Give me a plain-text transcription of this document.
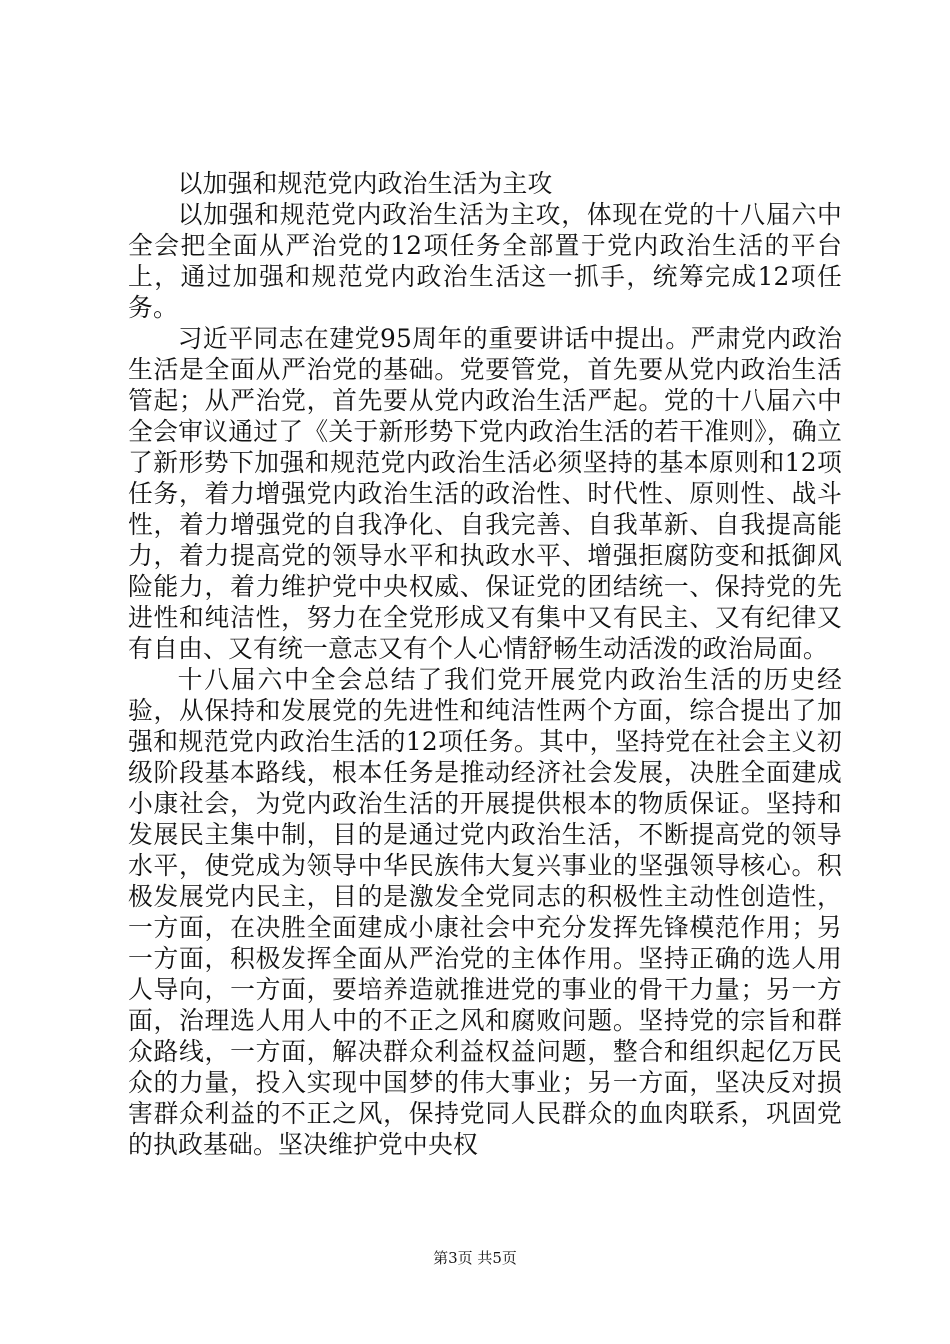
以加强和规范党内政治生活为主攻

以加强和规范党内政治生活为主攻，体现在党的十八届六中全会把全面从严治党的12项任务全部置于党内政治生活的平台上，通过加强和规范党内政治生活这一抓手，统筹完成12项任务。

习近平同志在建党95周年的重要讲话中提出。严肃党内政治生活是全面从严治党的基础。党要管党，首先要从党内政治生活管起；从严治党，首先要从党内政治生活严起。党的十八届六中全会审议通过了《关于新形势下党内政治生活的若干准则》，确立了新形势下加强和规范党内政治生活必须坚持的基本原则和12项任务，着力增强党内政治生活的政治性、时代性、原则性、战斗性，着力增强党的自我净化、自我完善、自我革新、自我提高能力，着力提高党的领导水平和执政水平、增强拒腐防变和抵御风险能力，着力维护党中央权威、保证党的团结统一、保持党的先进性和纯洁性，努力在全党形成又有集中又有民主、又有纪律又有自由、又有统一意志又有个人心情舒畅生动活泼的政治局面。

十八届六中全会总结了我们党开展党内政治生活的历史经验，从保持和发展党的先进性和纯洁性两个方面，综合提出了加强和规范党内政治生活的12项任务。其中，坚持党在社会主义初级阶段基本路线，根本任务是推动经济社会发展，决胜全面建成小康社会，为党内政治生活的开展提供根本的物质保证。坚持和发展民主集中制，目的是通过党内政治生活，不断提高党的领导水平，使党成为领导中华民族伟大复兴事业的坚强领导核心。积极发展党内民主，目的是激发全党同志的积极性主动性创造性，一方面，在决胜全面建成小康社会中充分发挥先锋模范作用；另一方面，积极发挥全面从严治党的主体作用。坚持正确的选人用人导向，一方面，要培养造就推进党的事业的骨干力量；另一方面，治理选人用人中的不正之风和腐败问题。坚持党的宗旨和群众路线，一方面，解决群众利益权益问题，整合和组织起亿万民众的力量，投入实现中国梦的伟大事业；另一方面，坚决反对损害群众利益的不正之风，保持党同人民群众的血肉联系，巩固党的执政基础。坚决维护党中央权

第3页 共5页
